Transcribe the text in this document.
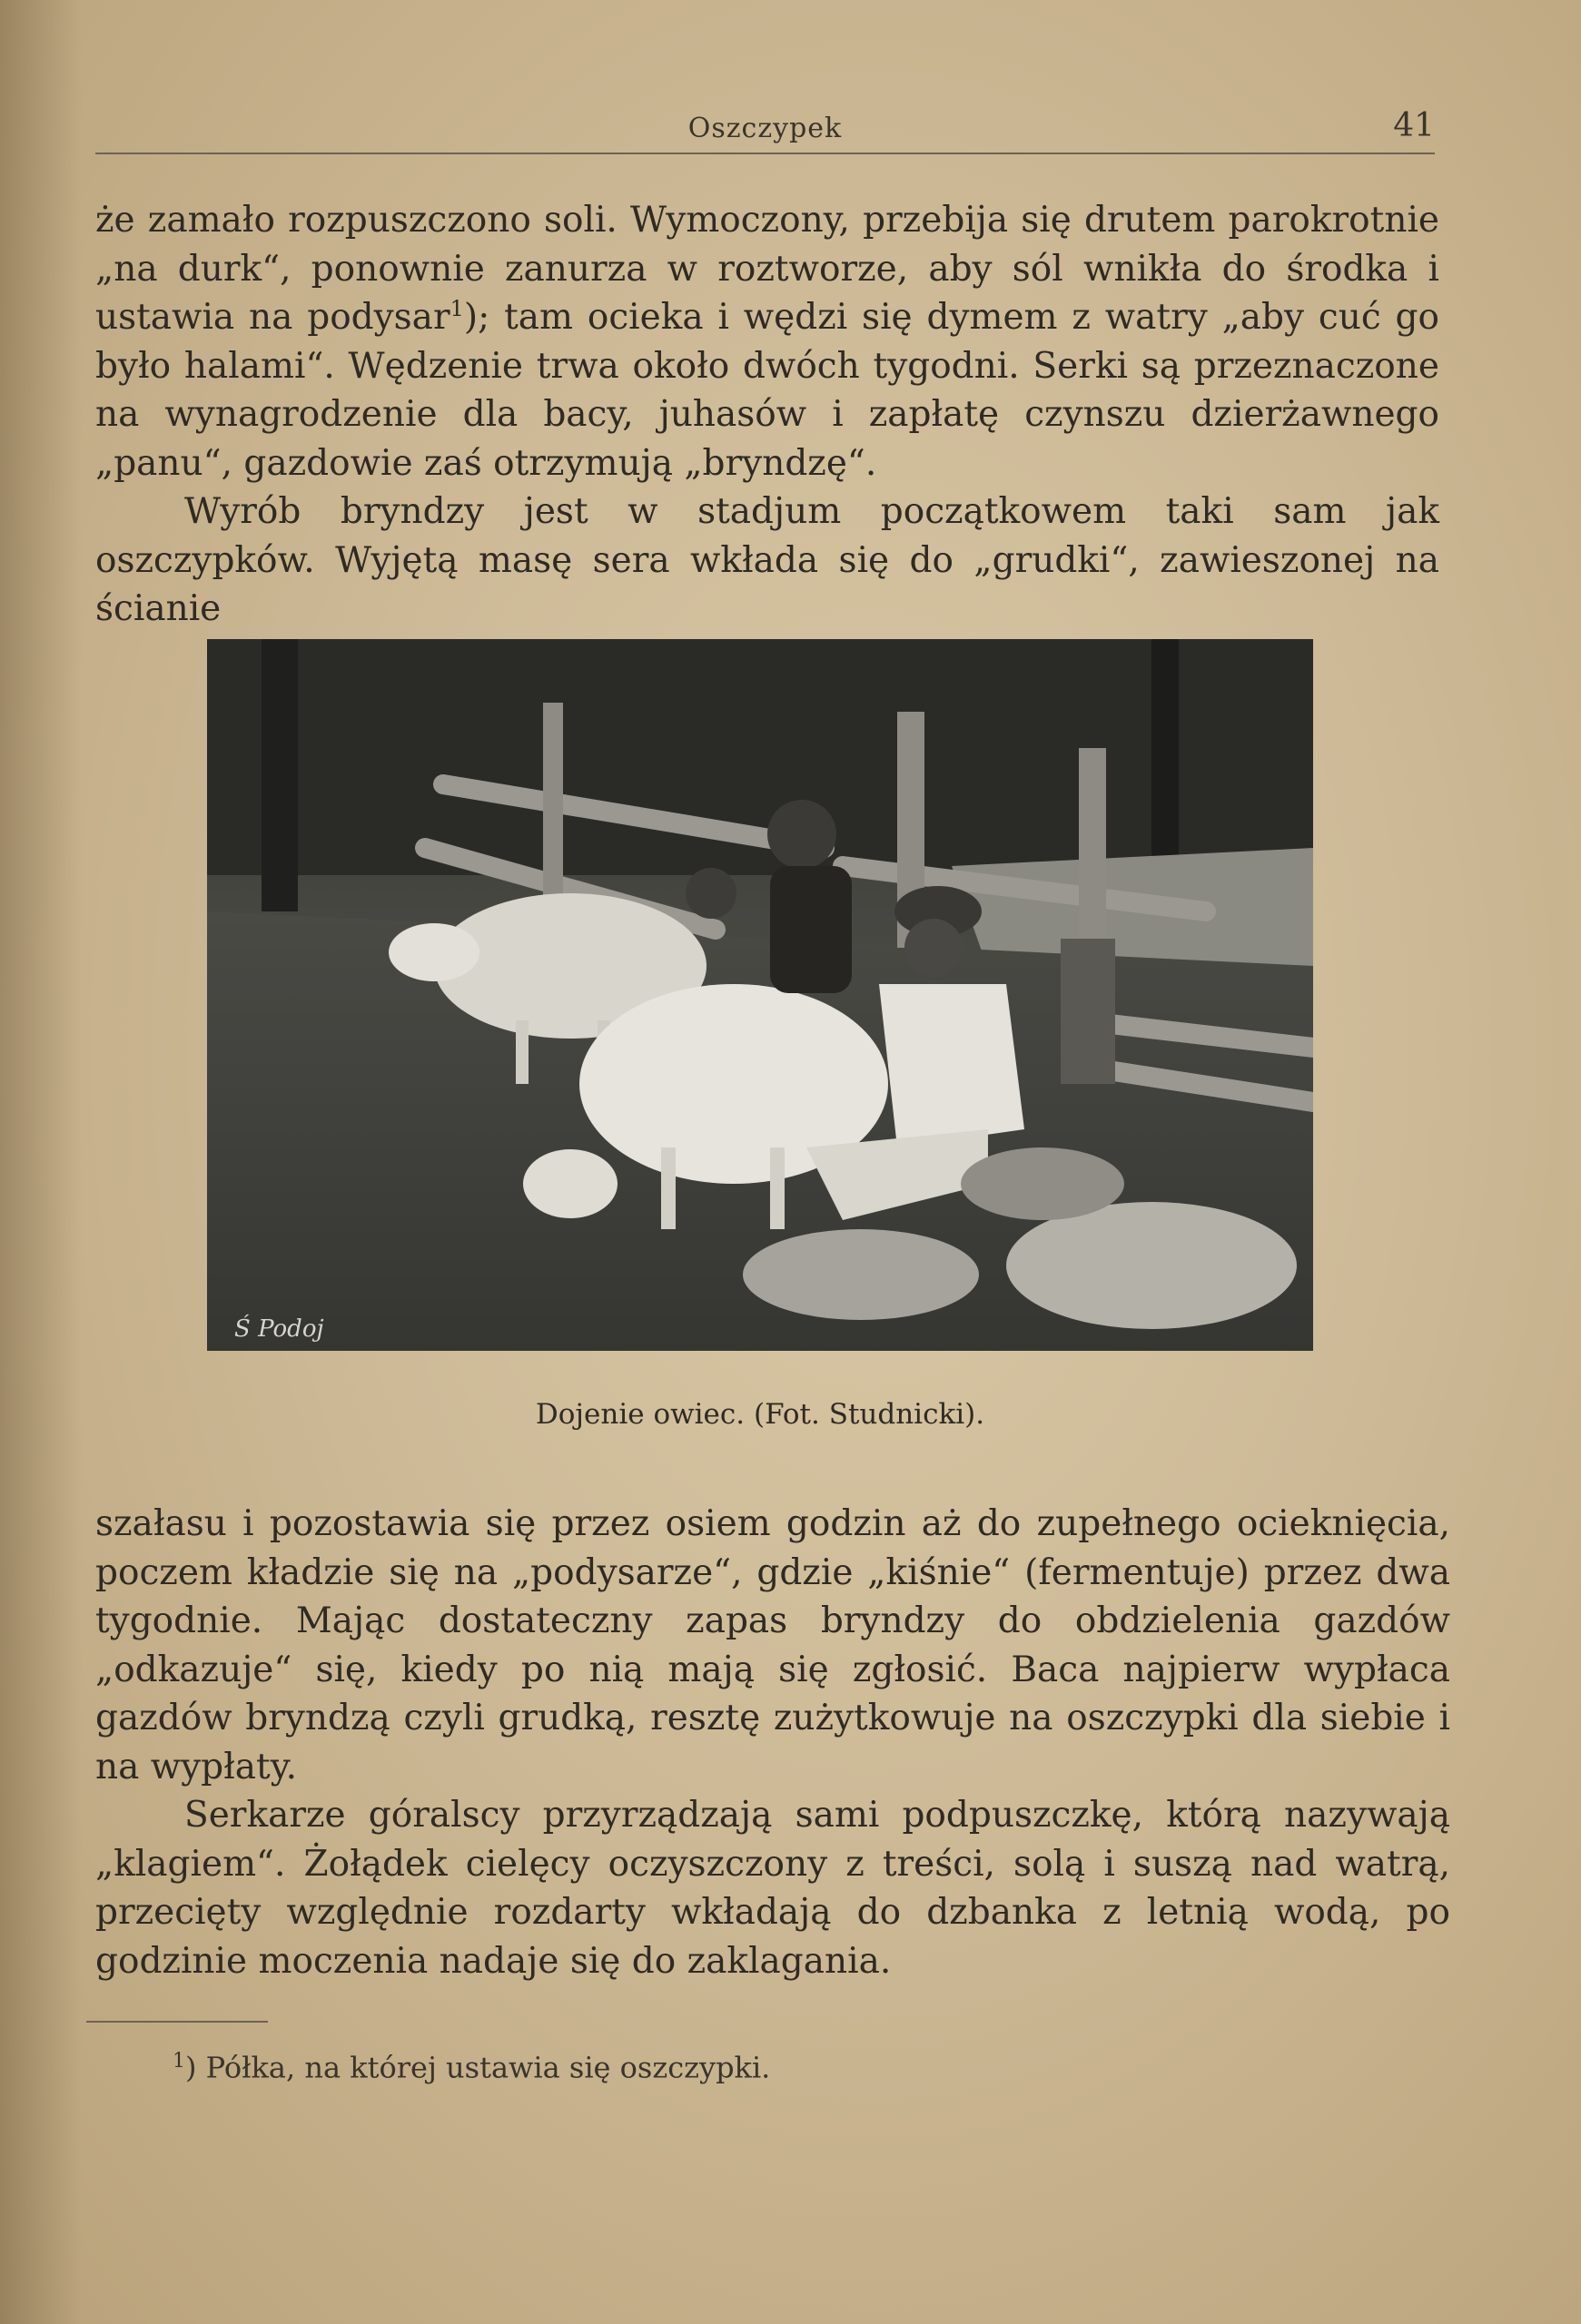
Oszczypek	41

że zamało rozpuszczono soli. Wymoczony, przebija się drutem parokrotnie „na durk“, ponownie zanurza w roztworze, aby sól wnikła do środka i ustawia na podysar$^1$); tam ocieka i wędzi się dymem z watry „aby cuć go było halami“. Wędzenie trwa około dwóch tygodni. Serki są przeznaczone na wynagrodzenie dla bacy, juhasów i zapłatę czynszu dzierżawnego „panu“, gazdowie zaś otrzymują „bryndzę“.

Wyrób bryndzy jest w stadjum początkowem taki sam jak oszczypków. Wyjętą masę sera wkłada się do „grudki“, zawieszonej na ścianie

Ś Podoj
Dojenie owiec. (Fot. Studnicki).

szałasu i pozostawia się przez osiem godzin aż do zupełnego ocieknięcia, poczem kładzie się na „podysarze“, gdzie „kiśnie“ (fermentuje) przez dwa tygodnie. Mając dostateczny zapas bryndzy do obdzielenia gazdów „odkazuje“ się, kiedy po nią mają się zgłosić. Baca najpierw wypłaca gazdów bryndzą czyli grudką, resztę zużytkowuje na oszczypki dla siebie i na wypłaty.

Serkarze góralscy przyrządzają sami podpuszczkę, którą nazywają „klagiem“. Żołądek cielęcy oczyszczony z treści, solą i suszą nad watrą, przecięty względnie rozdarty wkładają do dzbanka z letnią wodą, po godzinie moczenia nadaje się do zaklagania.

$^1$) Półka, na której ustawia się oszczypki.
